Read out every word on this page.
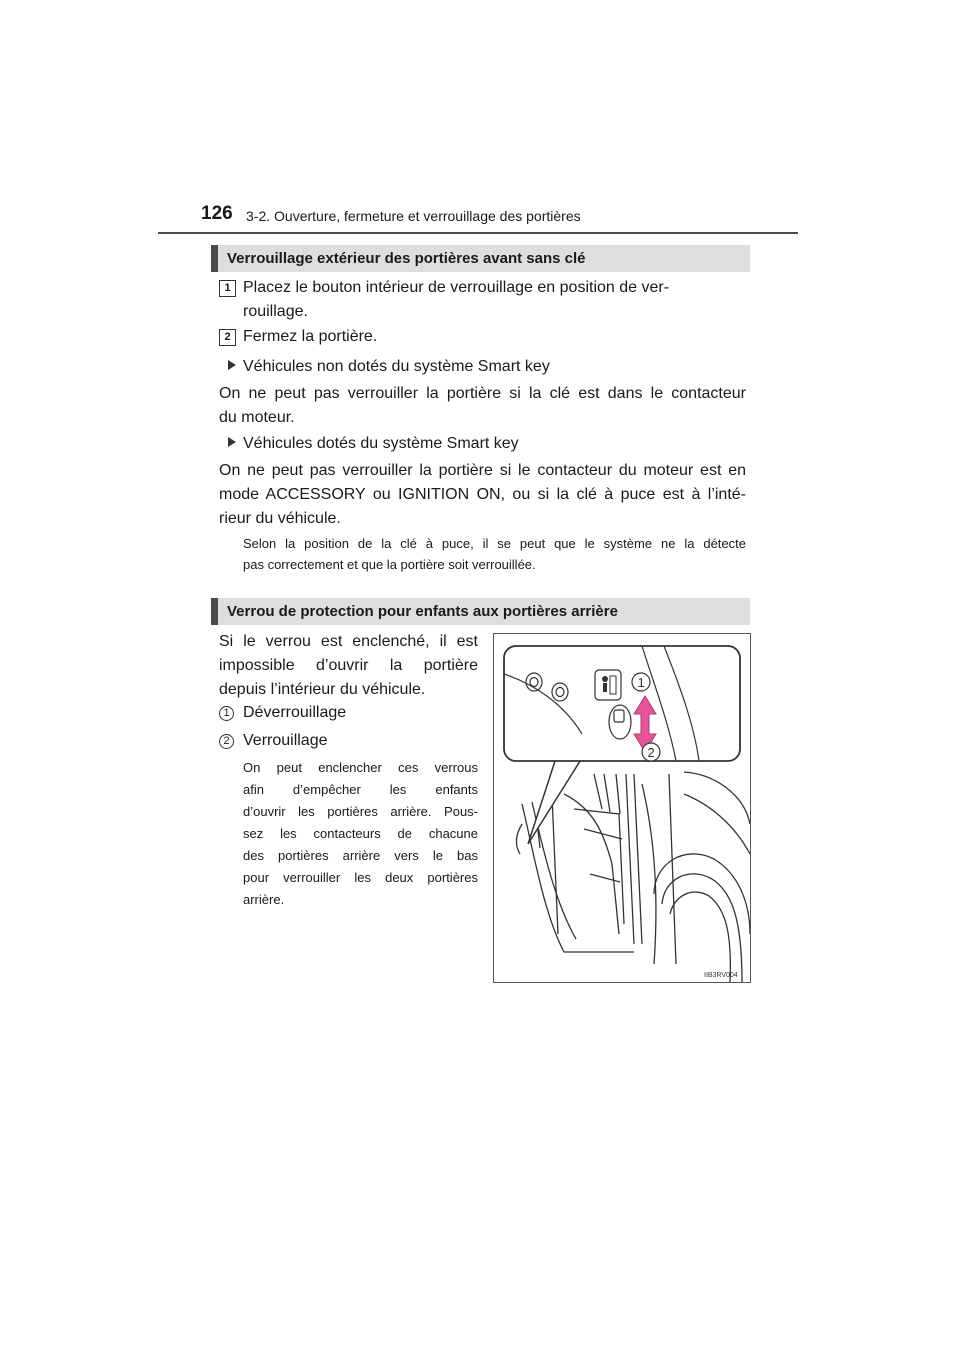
126 3-2. Ouverture, fermeture et verrouillage des portières
Verrouillage extérieur des portières avant sans clé
1 Placez le bouton intérieur de verrouillage en position de ver-
rouillage.
2 Fermez la portière.
Véhicules non dotés du système Smart key
On ne peut pas verrouiller la portière si la clé est dans le contacteur
du moteur.
Véhicules dotés du système Smart key
On ne peut pas verrouiller la portière si le contacteur du moteur est en
mode ACCESSORY ou IGNITION ON, ou si la clé à puce est à l’inté-
rieur du véhicule.
Selon la position de la clé à puce, il se peut que le système ne la détecte
pas correctement et que la portière soit verrouillée.
Verrou de protection pour enfants aux portières arrière
Si le verrou est enclenché, il est
impossible d’ouvrir la portière
depuis l’intérieur du véhicule.
1 Déverrouillage
2 Verrouillage
On peut enclencher ces verrous
afin d’empêcher les enfants
d’ouvrir les portières arrière. Pous-
sez les contacteurs de chacune
des portières arrière vers le bas
pour verrouiller les deux portières
arrière.
1
2
IIB3RV004
